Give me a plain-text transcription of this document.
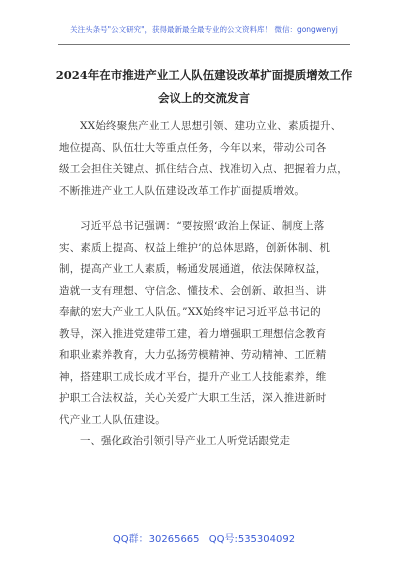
关注头条号"公文研究"，获得最新最全最专业的公文资料库！ 微信：gongwenyj
2024年在市推进产业工人队伍建设改革扩面提质增效工作
会议上的交流发言
XX始终聚焦产业工人思想引领、建功立业、素质提升、
地位提高、队伍壮大等重点任务，今年以来，带动公司各
级工会担住关键点、抓住结合点、找准切入点、把握着力点，
不断推进产业工人队伍建设改革工作扩面提质增效。
习近平总书记强调：“要按照‘政治上保证、制度上落
实、素质上提高、权益上维护’的总体思路，创新体制、机
制，提高产业工人素质，畅通发展通道，依法保障权益，
造就一支有理想、守信念、懂技术、会创新、敢担当、讲
奉献的宏大产业工人队伍。”XX始终牢记习近平总书记的
教导，深入推进党建带工建，着力增强职工理想信念教育
和职业素养教育，大力弘扬劳模精神、劳动精神、工匠精
神，搭建职工成长成才平台，提升产业工人技能素养，维
护职工合法权益，关心关爱广大职工生活，深入推进新时
代产业工人队伍建设。
一、强化政治引领引导产业工人听党话跟党走
QQ群：30265665 QQ号:535304092
